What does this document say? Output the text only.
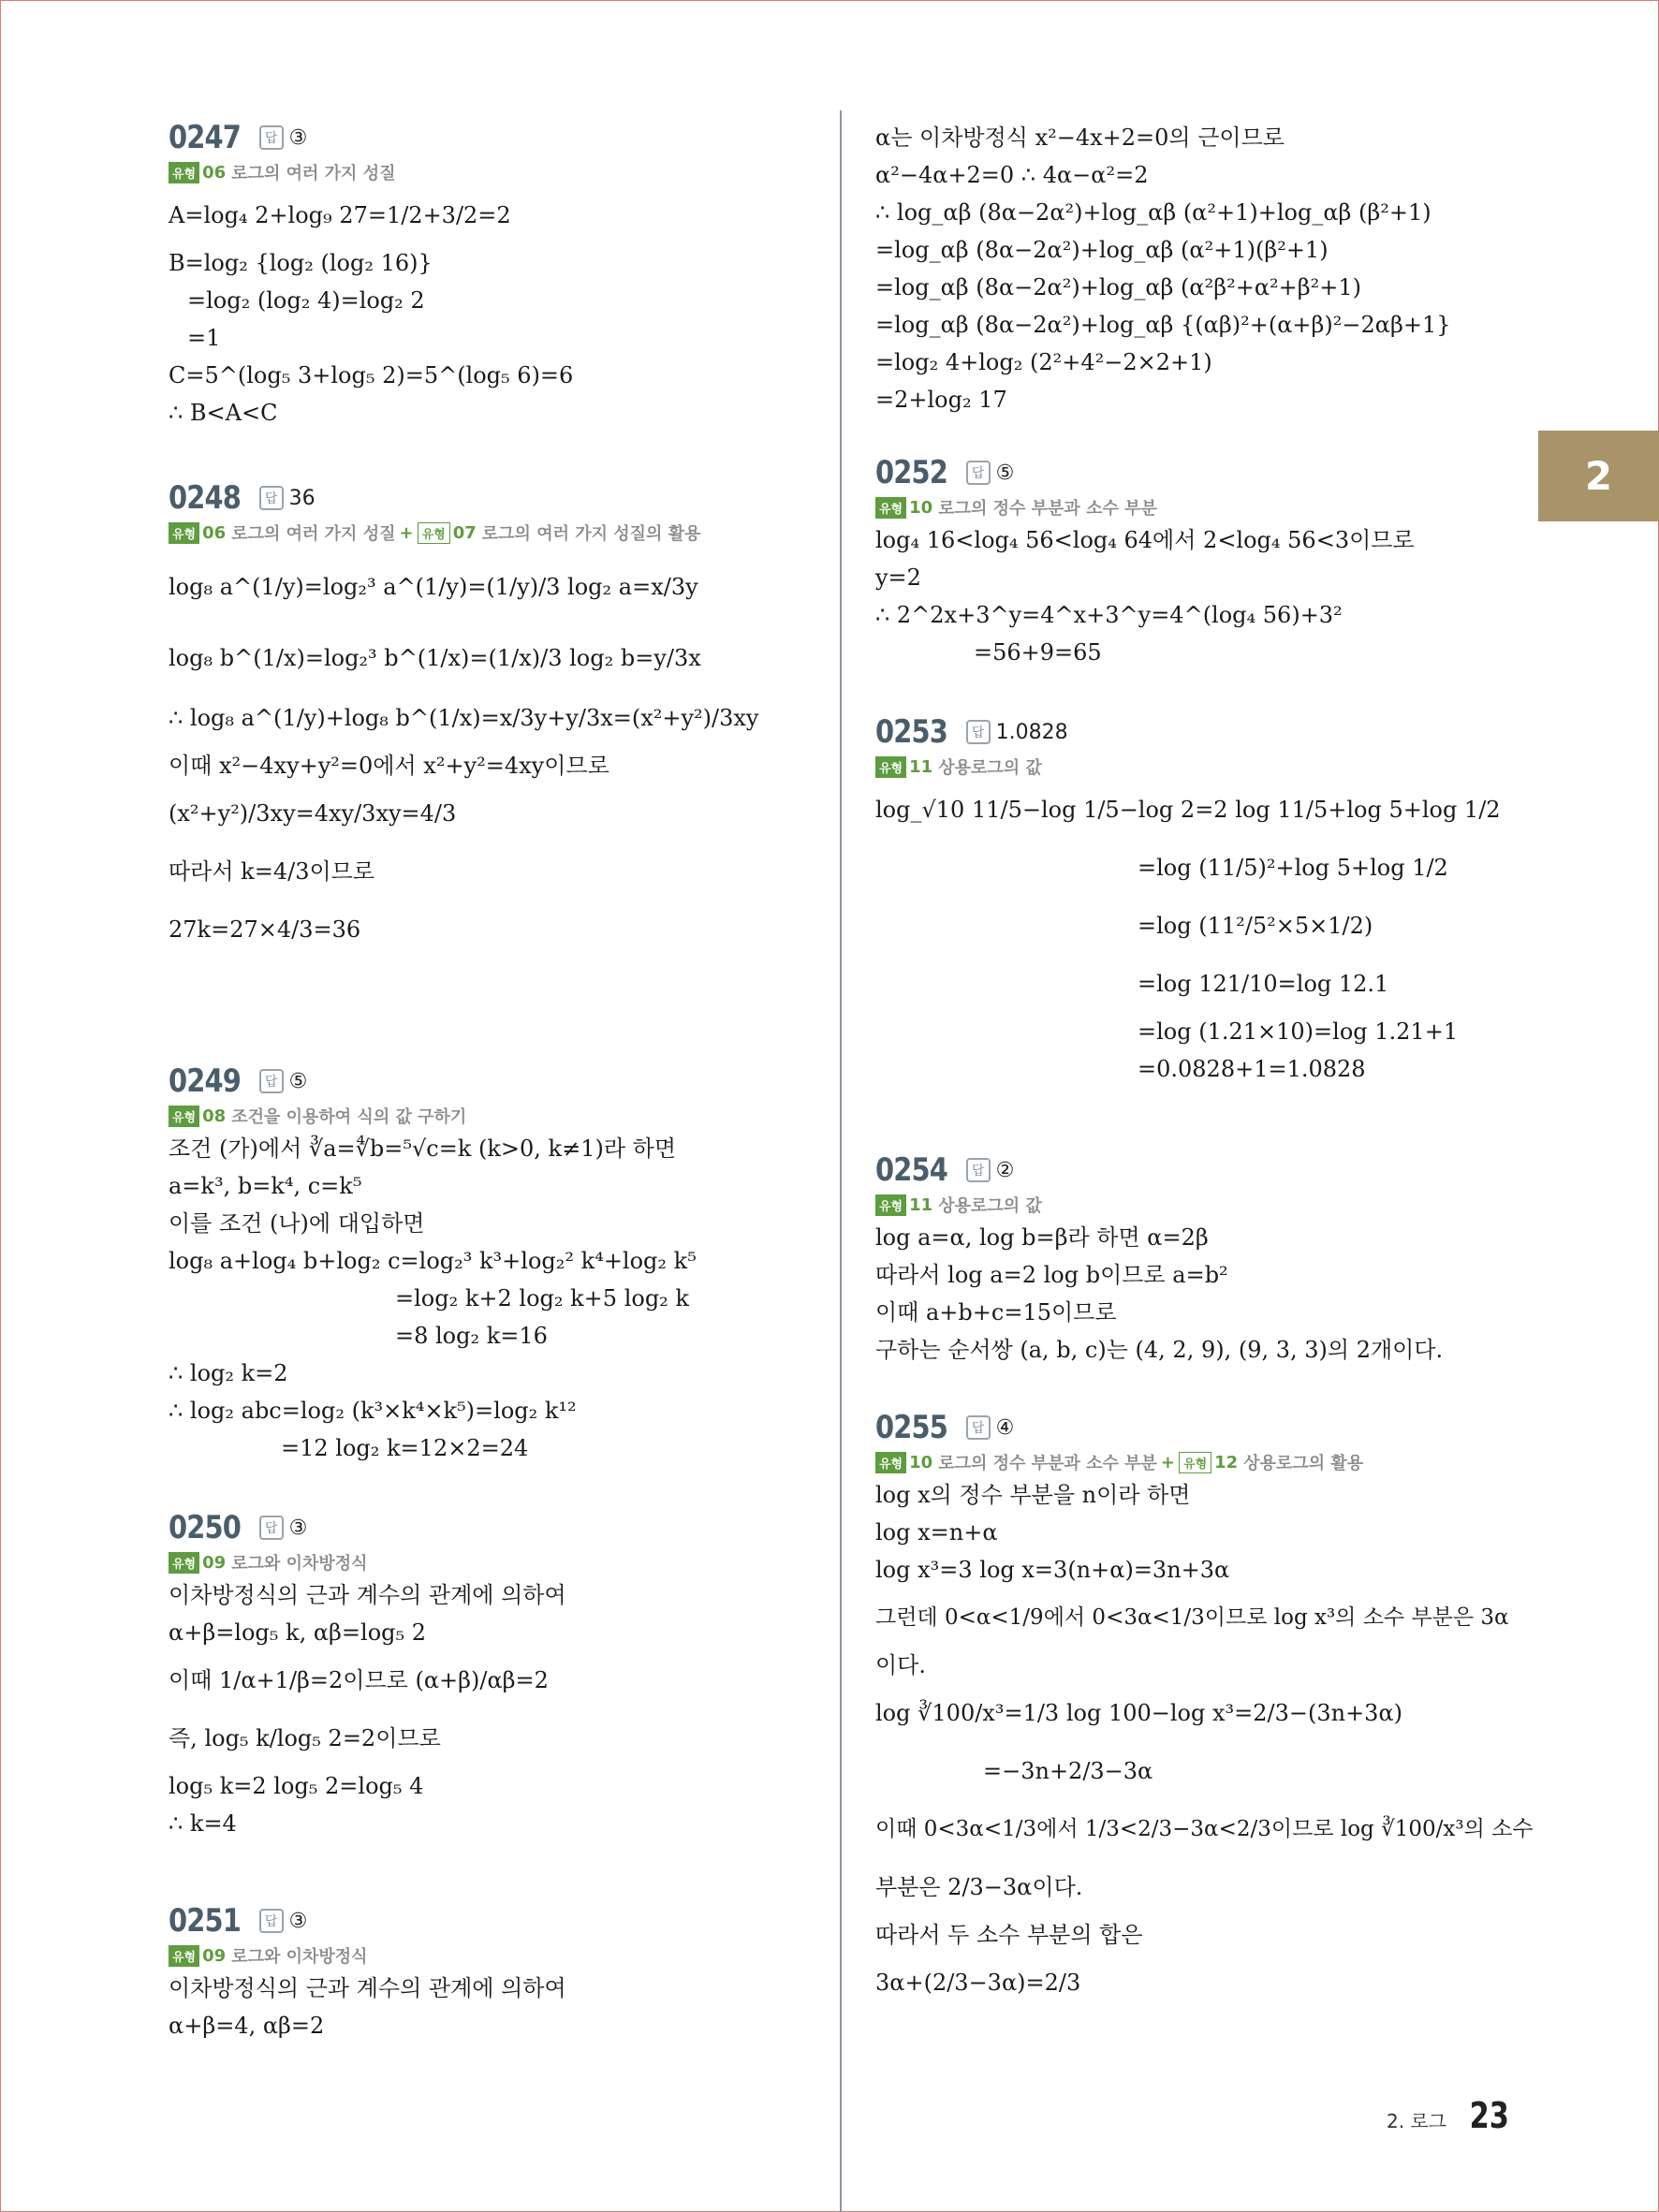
2
0247	답 ③
유형 06 로그의 여러 가지 성질
A=log₄ 2+log₉ 27=1/2+3/2=2
B=log₂ {log₂ (log₂ 16)}
=log₂ (log₂ 4)=log₂ 2
=1
C=5^(log₅ 3+log₅ 2)=5^(log₅ 6)=6
∴ B<A<C
0248	답 36
유형 06 로그의 여러 가지 성질 + 유형 07 로그의 여러 가지 성질의 활용
log₈ a^(1/y)=log₂³ a^(1/y)=(1/y)/3 log₂ a=x/3y
log₈ b^(1/x)=log₂³ b^(1/x)=(1/x)/3 log₂ b=y/3x
∴ log₈ a^(1/y)+log₈ b^(1/x)=x/3y+y/3x=(x²+y²)/3xy
이때 x²−4xy+y²=0에서 x²+y²=4xy이므로
(x²+y²)/3xy=4xy/3xy=4/3
따라서 k=4/3이므로
27k=27×4/3=36
0249	답 ⑤
유형 08 조건을 이용하여 식의 값 구하기
조건 (가)에서 ∛a=∜b=⁵√c=k (k>0, k≠1)라 하면
a=k³, b=k⁴, c=k⁵
이를 조건 (나)에 대입하면
log₈ a+log₄ b+log₂ c=log₂³ k³+log₂² k⁴+log₂ k⁵
=log₂ k+2 log₂ k+5 log₂ k
=8 log₂ k=16
∴ log₂ k=2
∴ log₂ abc=log₂ (k³×k⁴×k⁵)=log₂ k¹²
=12 log₂ k=12×2=24
0250	답 ③
유형 09 로그와 이차방정식
이차방정식의 근과 계수의 관계에 의하여
α+β=log₅ k, αβ=log₅ 2
이때 1/α+1/β=2이므로 (α+β)/αβ=2
즉, log₅ k/log₅ 2=2이므로
log₅ k=2 log₅ 2=log₅ 4
∴ k=4
0251	답 ③
유형 09 로그와 이차방정식
이차방정식의 근과 계수의 관계에 의하여
α+β=4, αβ=2
α는 이차방정식 x²−4x+2=0의 근이므로
α²−4α+2=0 ∴ 4α−α²=2
∴ log_αβ (8α−2α²)+log_αβ (α²+1)+log_αβ (β²+1)
=log_αβ (8α−2α²)+log_αβ (α²+1)(β²+1)
=log_αβ (8α−2α²)+log_αβ (α²β²+α²+β²+1)
=log_αβ (8α−2α²)+log_αβ {(αβ)²+(α+β)²−2αβ+1}
=log₂ 4+log₂ (2²+4²−2×2+1)
=2+log₂ 17
0252	답 ⑤
유형 10 로그의 정수 부분과 소수 부분
log₄ 16<log₄ 56<log₄ 64에서 2<log₄ 56<3이므로
y=2
∴ 2^2x+3^y=4^x+3^y=4^(log₄ 56)+3²
=56+9=65
0253	답 1.0828
유형 11 상용로그의 값
log_√10 11/5−log 1/5−log 2=2 log 11/5+log 5+log 1/2
=log (11/5)²+log 5+log 1/2
=log (11²/5²×5×1/2)
=log 121/10=log 12.1
=log (1.21×10)=log 1.21+1
=0.0828+1=1.0828
0254	답 ②
유형 11 상용로그의 값
log a=α, log b=β라 하면 α=2β
따라서 log a=2 log b이므로 a=b²
이때 a+b+c=15이므로
구하는 순서쌍 (a, b, c)는 (4, 2, 9), (9, 3, 3)의 2개이다.
0255	답 ④
유형 10 로그의 정수 부분과 소수 부분 + 유형 12 상용로그의 활용
log x의 정수 부분을 n이라 하면
log x=n+α
log x³=3 log x=3(n+α)=3n+3α
그런데 0<α<1/9에서 0<3α<1/3이므로 log x³의 소수 부분은 3α
이다.
log ∛100/x³=1/3 log 100−log x³=2/3−(3n+3α)
=−3n+2/3−3α
이때 0<3α<1/3에서 1/3<2/3−3α<2/3이므로 log ∛100/x³의 소수
부분은 2/3−3α이다.
따라서 두 소수 부분의 합은
3α+(2/3−3α)=2/3
2. 로그 23
